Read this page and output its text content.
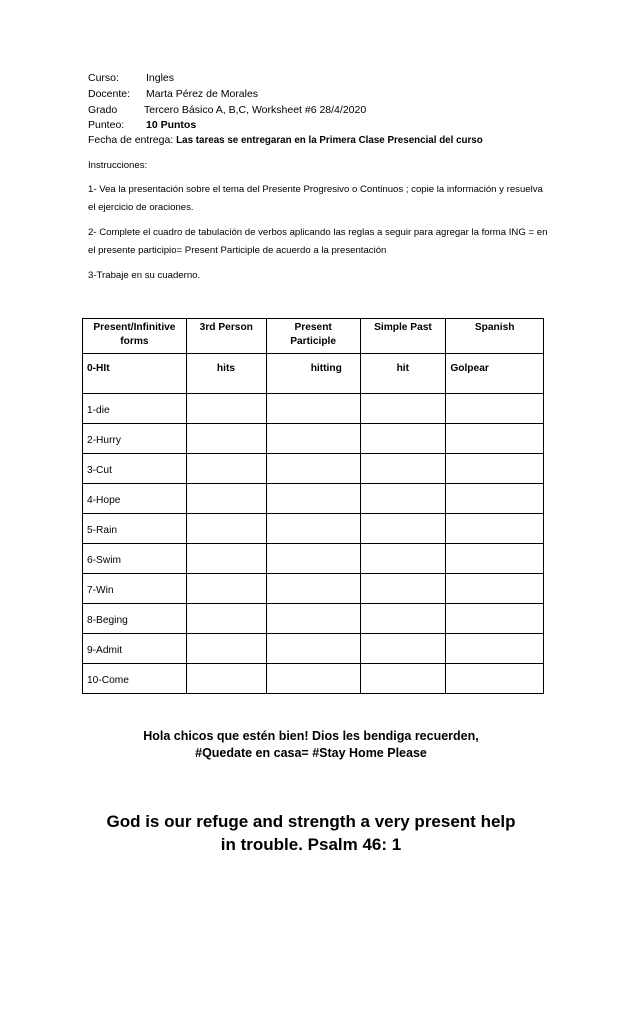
Curso:	Ingles
Docente: Marta Pérez de Morales
Grado	Tercero Básico A, B,C, Worksheet #6 28/4/2020
Punteo: 10 Puntos
Fecha de entrega: Las tareas se entregaran en la Primera Clase Presencial del curso
Instrucciones:
1- Vea la presentación sobre el tema del Presente Progresivo o Continuos ; copie la información y resuelva el ejercicio de oraciones.
2- Complete el cuadro de tabulación de verbos aplicando las reglas a seguir para agregar la forma ING = en el presente participio= Present Participle de acuerdo a la presentación
3-Trabaje en su cuaderno.
Present/Infinitive forms	3rd Person	Present Participle	Simple Past	Spanish
0-HIt	hits	hitting	hit	Golpear
1-die				
2-Hurry				
3-Cut				
4-Hope				
5-Rain				
6-Swim				
7-Win				
8-Beging				
9-Admit				
10-Come				
Hola chicos que estén bien! Dios les bendiga recuerden,
#Quedate en casa= #Stay Home Please
God is our refuge and strength a very present help
in trouble. Psalm 46: 1
